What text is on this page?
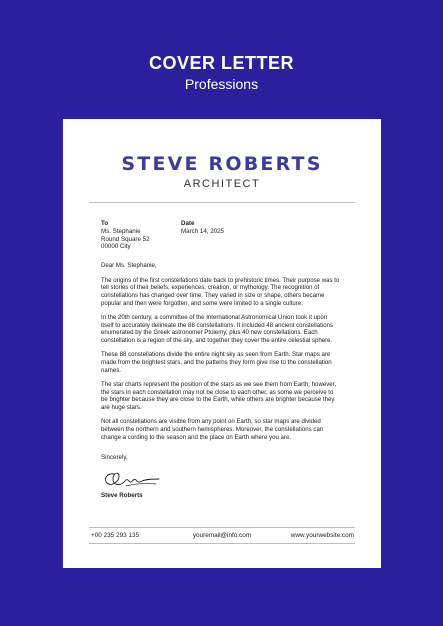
COVER LETTER
Professions
STEVE ROBERTS
ARCHITECT
To
Ms. Stephanie
Round Square 52
00000 City
Date
March 14, 2025

Dear Ms. Stephanie,

The origins of the first constellations date back to prehistoric times. Their purpose was to tell stories of their beliefs, experiences, creation, or mythology. The recognition of constellations has changed over time. They varied in size or shape, others became popular and then were forgotten, and some were limited to a single culture.

In the 20th century, a committee of the International Astronomical Union took it upon itself to accurately delineate the 88 constellations. It included 48 ancient constellations enumerated by the Greek astronomer Ptolemy, plus 40 new constellations. Each constellation is a region of the sky, and together they cover the entire celestial sphere.

These 88 constellations divide the entire night sky as seen from Earth. Star maps are made from the brightest stars, and the patterns they form give rise to the constellation names.

The star charts represent the position of the stars as we see them from Earth; however, the stars in each constellation may not be close to each other, as some we perceive to be brighter because they are close to the Earth, while others are brighter because they are huge stars.

Not all constellations are visible from any point on Earth, so star maps are divided between the northern and southern hemispheres. Moreover, the constellations can change a cording to the season and the place on Earth where you are.

Sincerely,
Steve Roberts
+00 235 293 135	youremail@info.com	www.yourwebsite.com
